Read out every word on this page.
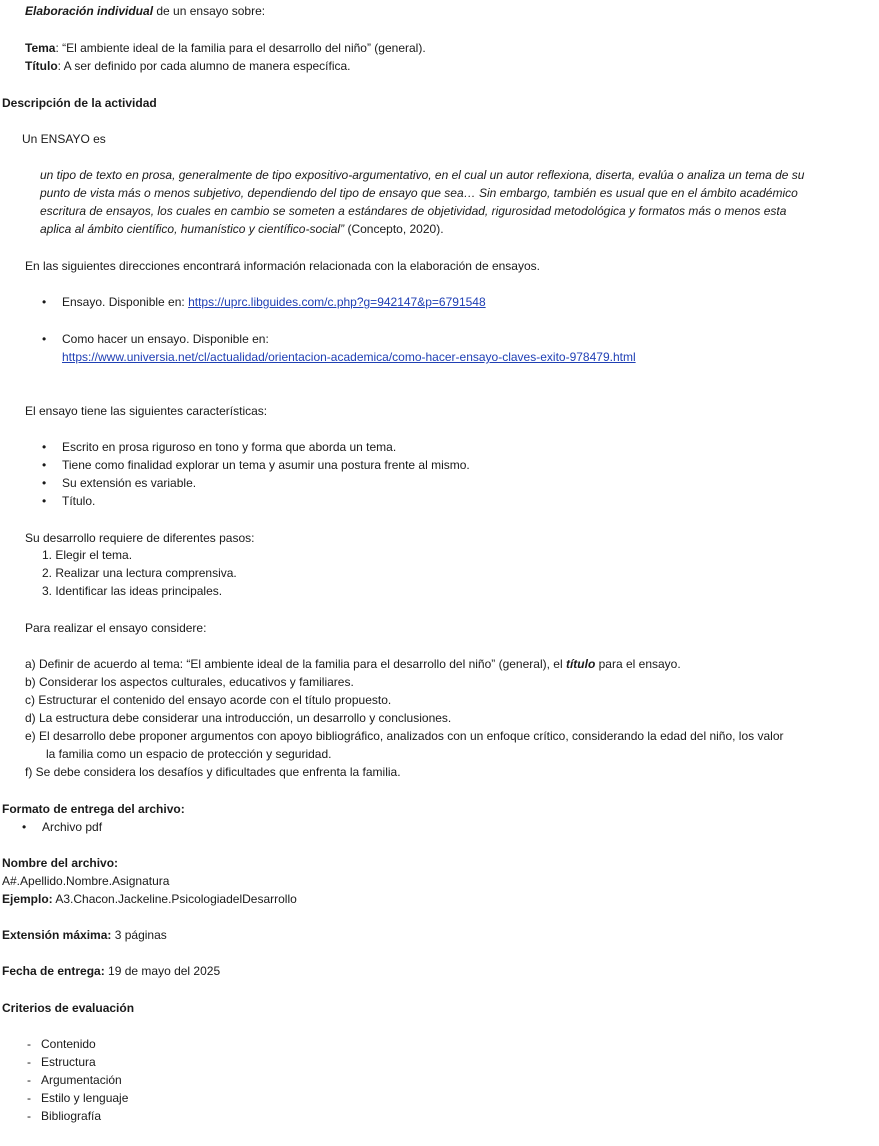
Elaboración individual de un ensayo sobre:
Tema: “El ambiente ideal de la familia para el desarrollo del niño” (general).
Título: A ser definido por cada alumno de manera específica.
Descripción de la actividad
Un ENSAYO es
un tipo de texto en prosa, generalmente de tipo expositivo-argumentativo, en el cual un autor reflexiona, diserta, evalúa o analiza un tema de su
punto de vista más o menos subjetivo, dependiendo del tipo de ensayo que sea… Sin embargo, también es usual que en el ámbito académico
escritura de ensayos, los cuales en cambio se someten a estándares de objetividad, rigurosidad metodológica y formatos más o menos esta
aplica al ámbito científico, humanístico y científico-social” (Concepto, 2020).
En las siguientes direcciones encontrará información relacionada con la elaboración de ensayos.
• Ensayo. Disponible en: https://uprc.libguides.com/c.php?g=942147&p=6791548
• Como hacer un ensayo. Disponible en:
https://www.universia.net/cl/actualidad/orientacion-academica/como-hacer-ensayo-claves-exito-978479.html
El ensayo tiene las siguientes características:
• Escrito en prosa riguroso en tono y forma que aborda un tema.
• Tiene como finalidad explorar un tema y asumir una postura frente al mismo.
• Su extensión es variable.
• Título.
Su desarrollo requiere de diferentes pasos:
1. Elegir el tema.
2. Realizar una lectura comprensiva.
3. Identificar las ideas principales.
Para realizar el ensayo considere:
a) Definir de acuerdo al tema: “El ambiente ideal de la familia para el desarrollo del niño” (general), el título para el ensayo.
b) Considerar los aspectos culturales, educativos y familiares.
c) Estructurar el contenido del ensayo acorde con el título propuesto.
d) La estructura debe considerar una introducción, un desarrollo y conclusiones.
e) El desarrollo debe proponer argumentos con apoyo bibliográfico, analizados con un enfoque crítico, considerando la edad del niño, los valor
la familia como un espacio de protección y seguridad.
f) Se debe considera los desafíos y dificultades que enfrenta la familia.
Formato de entrega del archivo:
• Archivo pdf
Nombre del archivo:
A#.Apellido.Nombre.Asignatura
Ejemplo: A3.Chacon.Jackeline.PsicologiadelDesarrollo
Extensión máxima: 3 páginas
Fecha de entrega: 19 de mayo del 2025
Criterios de evaluación
- Contenido
- Estructura
- Argumentación
- Estilo y lenguaje
- Bibliografía
